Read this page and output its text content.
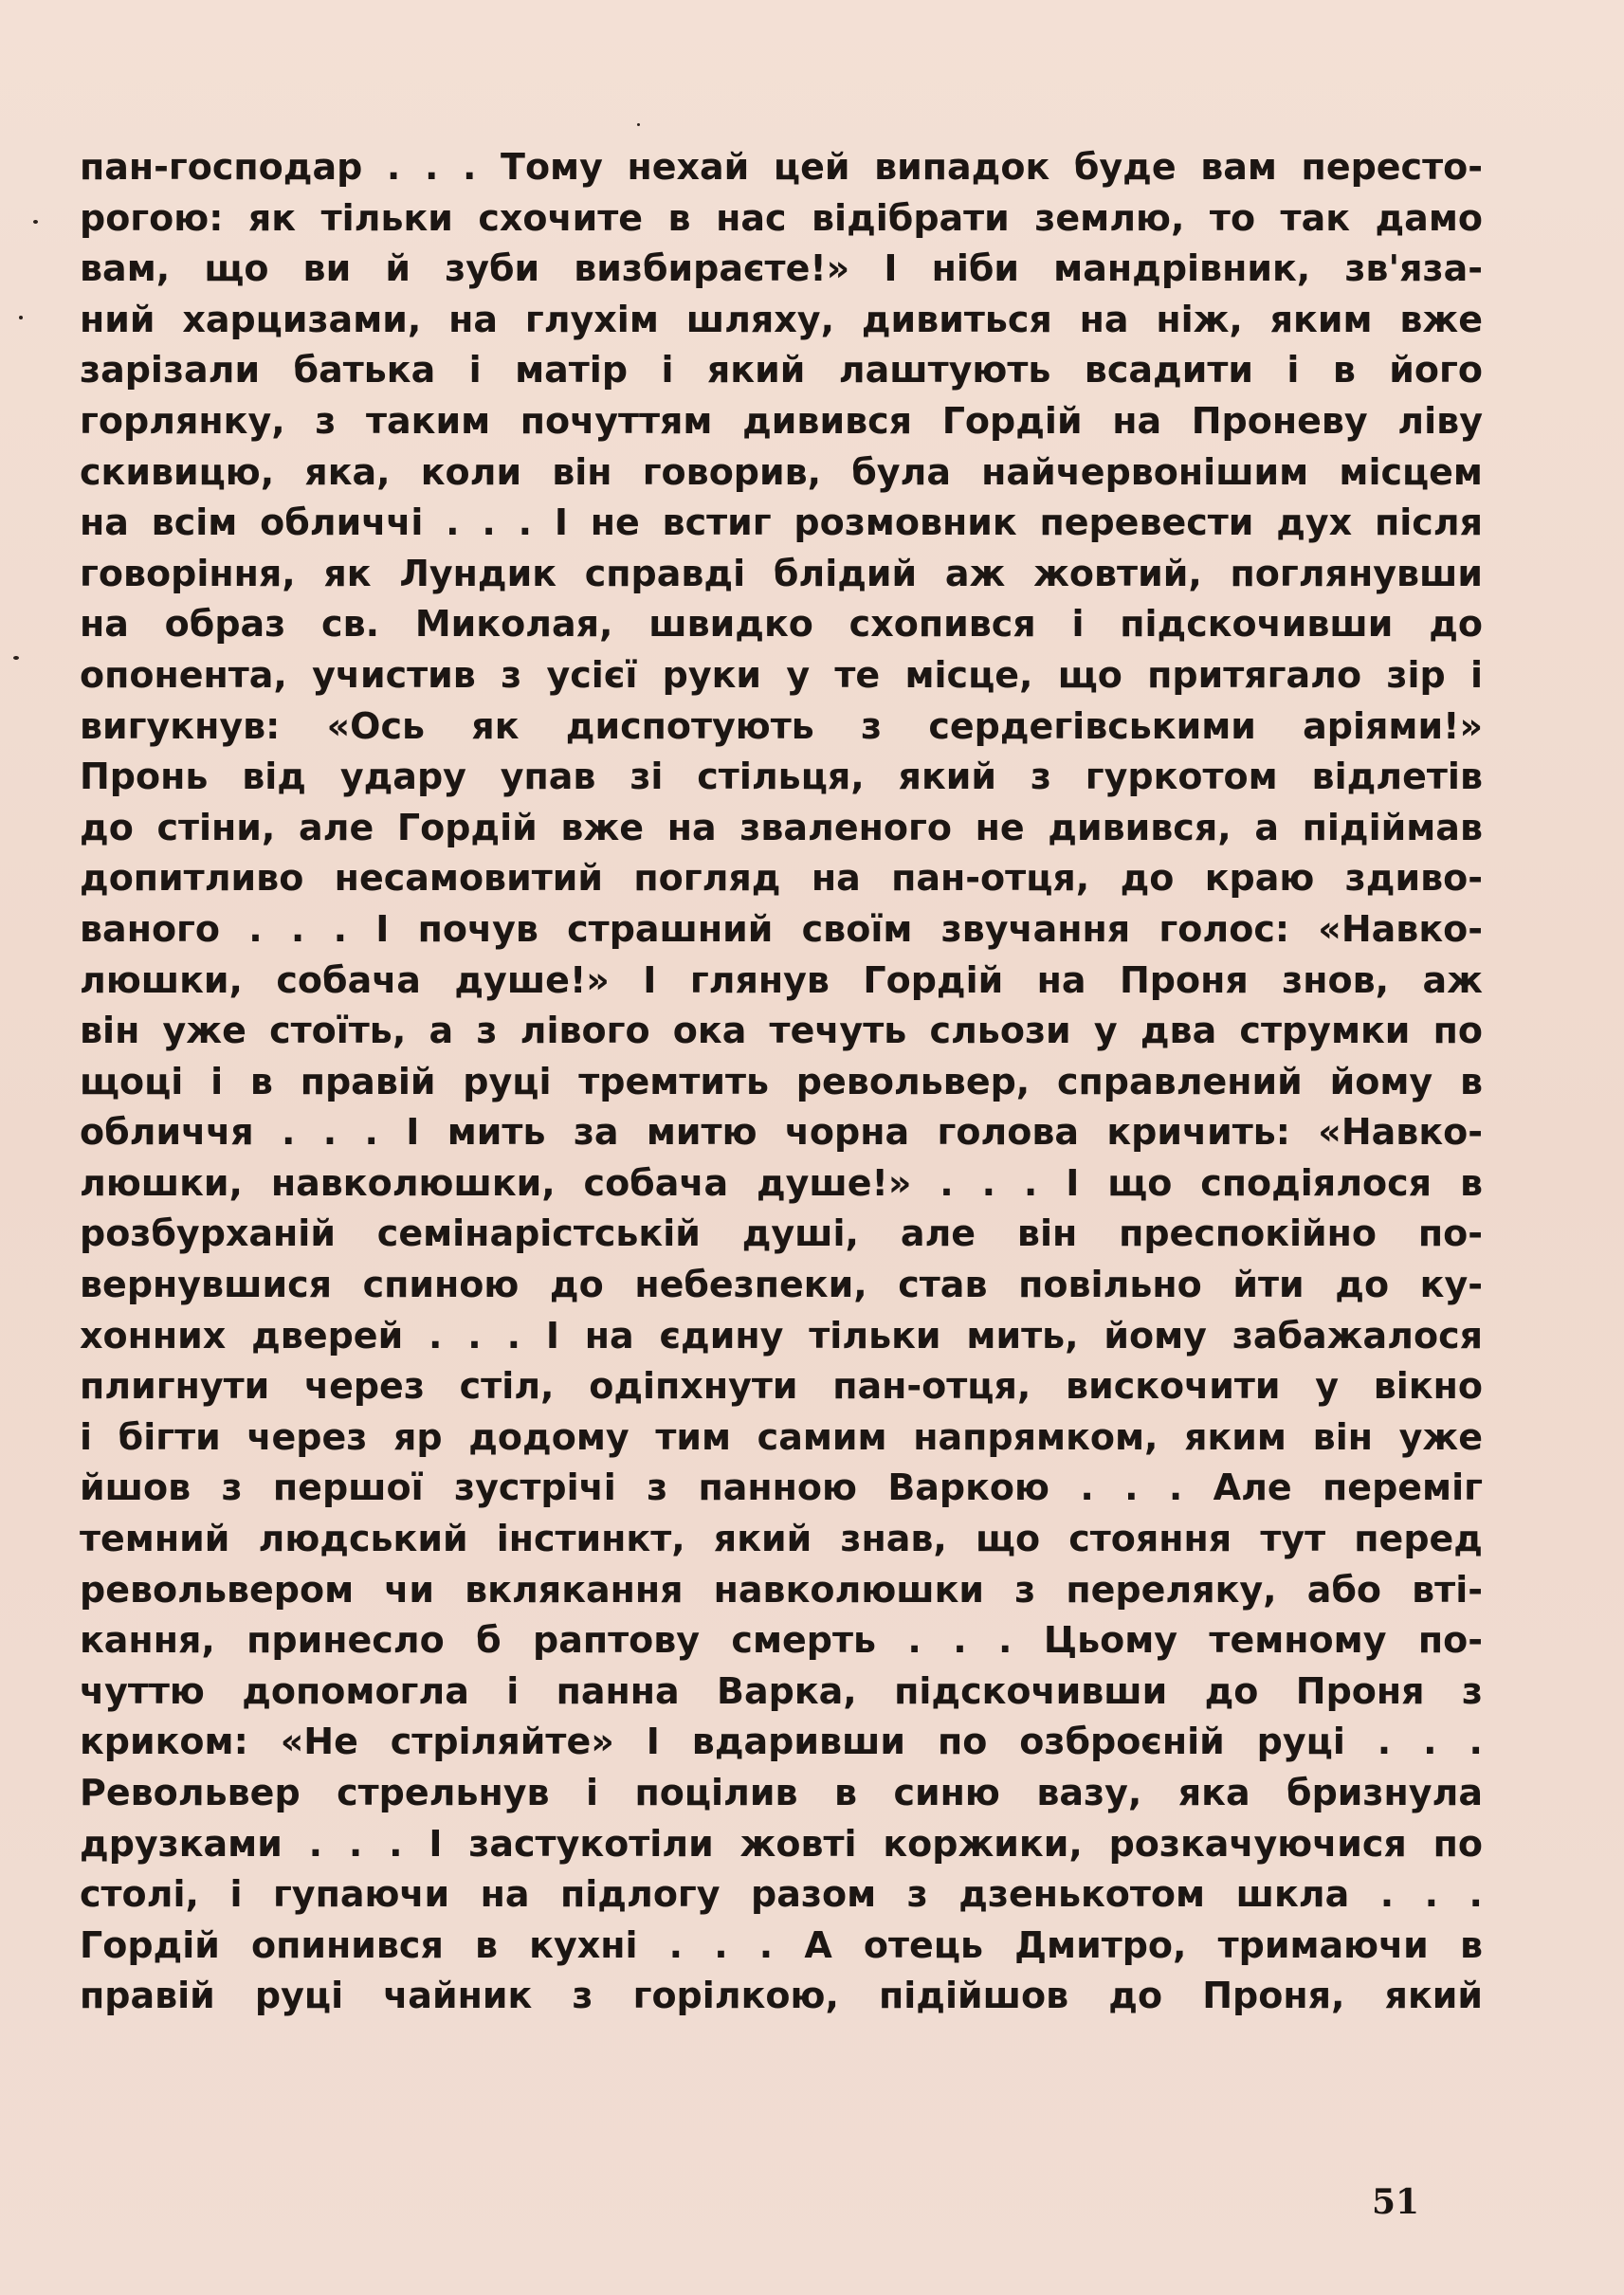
пан-господар . . . Тому нехай цей випадок буде вам пересто-
рогою: як тільки схочите в нас відібрати землю, то так дамо
вам, що ви й зуби визбираєте!» І ніби мандрівник, зв'яза-
ний харцизами, на глухім шляху, дивиться на ніж, яким вже
зарізали батька і матір і який лаштують всадити і в його
горлянку, з таким почуттям дивився Гордій на Проневу ліву
скивицю, яка, коли він говорив, була найчервонішим місцем
на всім обличчі . . . І не встиг розмовник перевести дух після
говоріння, як Лундик справді блідий аж жовтий, поглянувши
на образ св. Миколая, швидко схопився і підскочивши до
опонента, учистив з усієї руки у те місце, що притягало зір і
вигукнув: «Ось як диспотують з сердегівськими аріями!»
Пронь від удару упав зі стільця, який з гуркотом відлетів
до стіни, але Гордій вже на зваленого не дивився, а підіймав
допитливо несамовитий погляд на пан-отця, до краю здиво-
ваного . . . І почув страшний своїм звучання голос: «Навко-
люшки, собача душе!» І глянув Гордій на Проня знов, аж
він уже стоїть, а з лівого ока течуть сльози у два струмки по
щоці і в правій руці тремтить револьвер, справлений йому в
обличчя . . . І мить за митю чорна голова кричить: «Навко-
люшки, навколюшки, собача душе!» . . . І що сподіялося в
розбурханій семінарістській душі, але він преспокійно по-
вернувшися спиною до небезпеки, став повільно йти до ку-
хонних дверей . . . І на єдину тільки мить, йому забажалося
плигнути через стіл, одіпхнути пан-отця, вискочити у вікно
і бігти через яр додому тим самим напрямком, яким він уже
йшов з першої зустрічі з панною Варкою . . . Але переміг
темний людський інстинкт, який знав, що стояння тут перед
револьвером чи вклякання навколюшки з переляку, або вті-
кання, принесло б раптову смерть . . . Цьому темному по-
чуттю допомогла і панна Варка, підскочивши до Проня з
криком: «Не стріляйте» І вдаривши по озброєній руці . . .
Револьвер стрельнув і поцілив в синю вазу, яка бризнула
друзками . . . І застукотіли жовті коржики, розкачуючися по
столі, і гупаючи на підлогу разом з дзенькотом шкла . . .
Гордій опинився в кухні . . . А отець Дмитро, тримаючи в
правій руці чайник з горілкою, підійшов до Проня, який
51
